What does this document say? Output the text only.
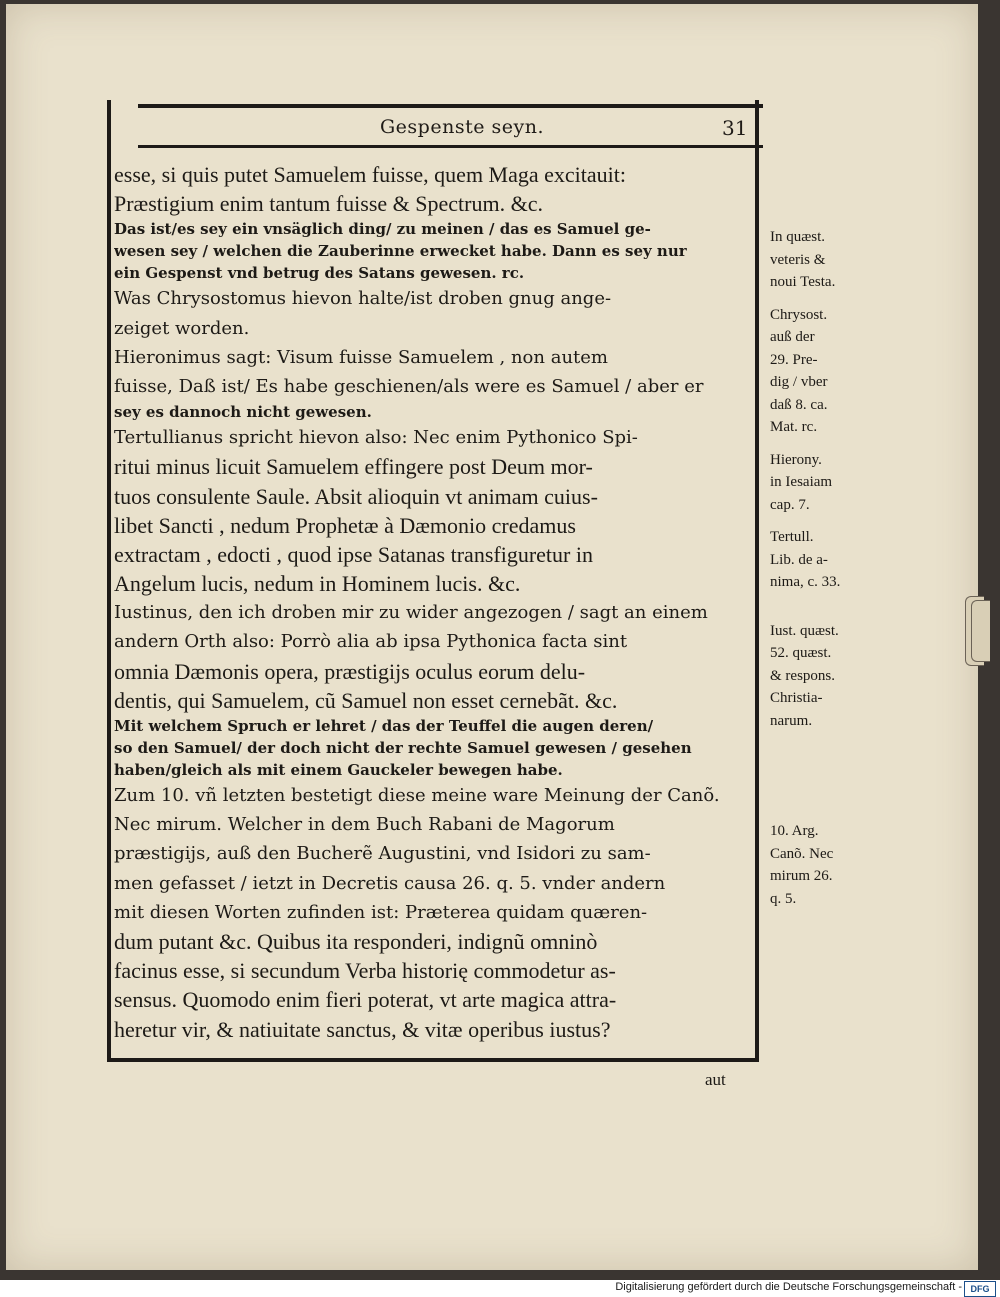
Gespenste seyn.	31
esse, si quis putet Samuelem fuisse, quem Maga excitauit:
Præstigium enim tantum fuisse & Spectrum. &c.
Das ist/es sey ein vnsäglich ding/ zu meinen / das es Samuel ge-
wesen sey / welchen die Zauberinne erwecket habe. Dann es sey nur
ein Gespenst vnd betrug des Satans gewesen. rc.
Was Chrysostomus hievon halte/ist droben gnug ange-
zeiget worden.
Hieronimus sagt: Visum fuisse Samuelem , non autem
fuisse, Daß ist/ Es habe geschienen/als were es Samuel / aber er
sey es dannoch nicht gewesen.
Tertullianus spricht hievon also: Nec enim Pythonico Spi-
ritui minus licuit Samuelem effingere post Deum mor-
tuos consulente Saule. Absit alioquin vt animam cuius-
libet Sancti , nedum Prophetæ à Dæmonio credamus
extractam , edocti , quod ipse Satanas transfiguretur in
Angelum lucis, nedum in Hominem lucis. &c.
Iustinus, den ich droben mir zu wider angezogen / sagt an einem
andern Orth also: Porrò alia ab ipsa Pythonica facta sint
omnia Dæmonis opera, præstigijs oculus eorum delu-
dentis, qui Samuelem, cũ Samuel non esset cernebãt. &c.
Mit welchem Spruch er lehret / das der Teuffel die augen deren/
so den Samuel/ der doch nicht der rechte Samuel gewesen / gesehen
haben/gleich als mit einem Gauckeler bewegen habe.
Zum 10. vñ letzten bestetigt diese meine ware Meinung der Canõ.
Nec mirum. Welcher in dem Buch Rabani de Magorum
præstigijs, auß den Bucherẽ Augustini, vnd Isidori zu sam-
men gefasset / ietzt in Decretis causa 26. q. 5. vnder andern
mit diesen Worten zufinden ist: Præterea quidam quæren-
dum putant &c. Quibus ita responderi, indignũ omninò
facinus esse, si secundum Verba historię commodetur as-
sensus. Quomodo enim fieri poterat, vt arte magica attra-
heretur vir, & natiuitate sanctus, & vitæ operibus iustus?
In quæst.
veteris &
noui Testa.
Chrysost.
auß der
29. Pre-
dig / vber
daß 8. ca.
Mat. rc.
Hierony.
in Iesaiam
cap. 7.
Tertull.
Lib. de a-
nima, c. 33.
Iust. quæst.
52. quæst.
& respons.
Christia-
narum.
10. Arg.
Canõ. Nec
mirum 26.
q. 5.
aut
Digitalisierung gefördert durch die Deutsche Forschungsgemeinschaft - DFG
